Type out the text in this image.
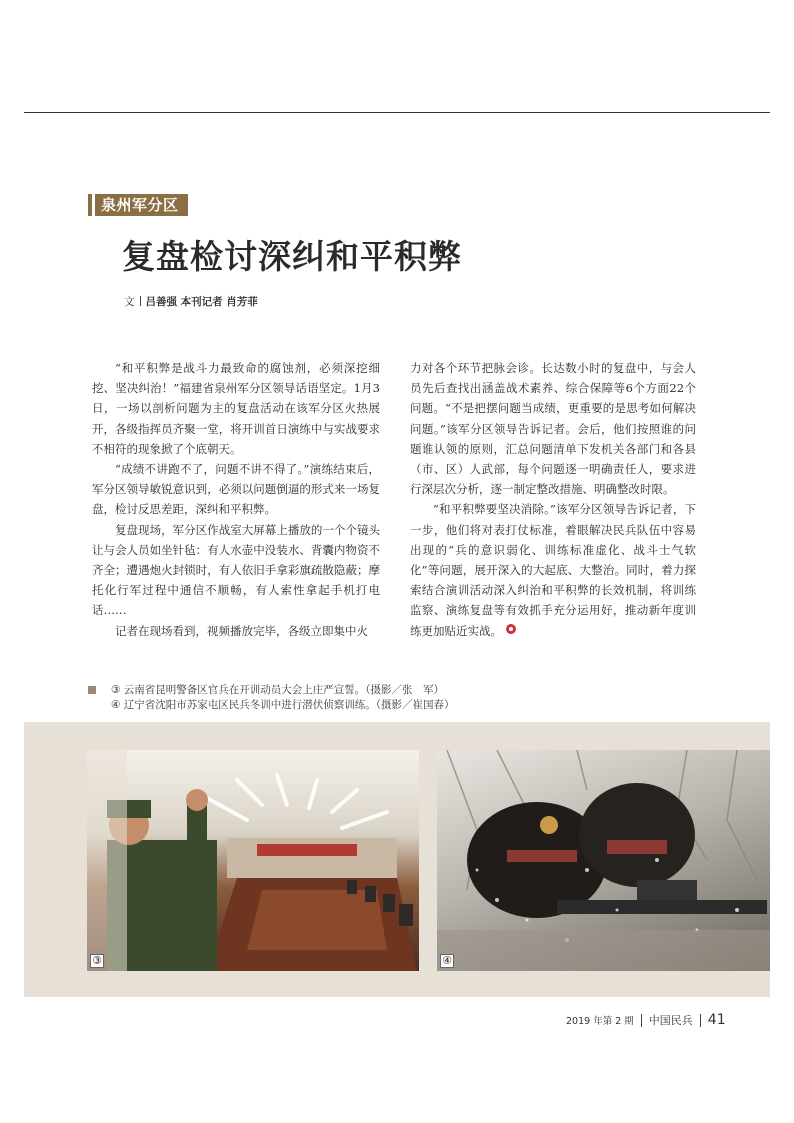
泉州军分区
复盘检讨深纠和平积弊
文 吕善强 本刊记者 肖芳菲

“和平积弊是战斗力最致命的腐蚀剂，必须深挖细挖、坚决纠治！”福建省泉州军分区领导话语坚定。1月3日，一场以剖析问题为主的复盘活动在该军分区火热展开，各级指挥员齐聚一堂，将开训首日演练中与实战要求不相符的现象掀了个底朝天。

“成绩不讲跑不了，问题不讲不得了。”演练结束后，军分区领导敏锐意识到，必须以问题倒逼的形式来一场复盘，检讨反思差距，深纠和平积弊。

复盘现场，军分区作战室大屏幕上播放的一个个镜头让与会人员如坐针毡：有人水壶中没装水、背囊内物资不齐全；遭遇炮火封锁时，有人依旧手拿彩旗疏散隐蔽；摩托化行军过程中通信不顺畅，有人索性拿起手机打电话……

记者在现场看到，视频播放完毕，各级立即集中火

力对各个环节把脉会诊。长达数小时的复盘中，与会人员先后查找出涵盖战术素养、综合保障等6个方面22个问题。“不是把摆问题当成绩，更重要的是思考如何解决问题。”该军分区领导告诉记者。会后，他们按照谁的问题谁认领的原则，汇总问题清单下发机关各部门和各县（市、区）人武部，每个问题逐一明确责任人，要求进行深层次分析，逐一制定整改措施、明确整改时限。

“和平积弊要坚决消除。”该军分区领导告诉记者，下一步，他们将对表打仗标准，着眼解决民兵队伍中容易出现的“兵的意识弱化、训练标准虚化、战斗士气软化”等问题，展开深入的大起底、大整治。同时，着力探索结合演训活动深入纠治和平积弊的长效机制，将训练监察、演练复盘等有效抓手充分运用好，推动新年度训练更加贴近实战。

③ 云南省昆明警备区官兵在开训动员大会上庄严宣誓。（摄影／张　军）
④ 辽宁省沈阳市苏家屯区民兵冬训中进行潜伏侦察训练。（摄影／崔国春）
③	④
2019 年第 2 期 中国民兵 41
